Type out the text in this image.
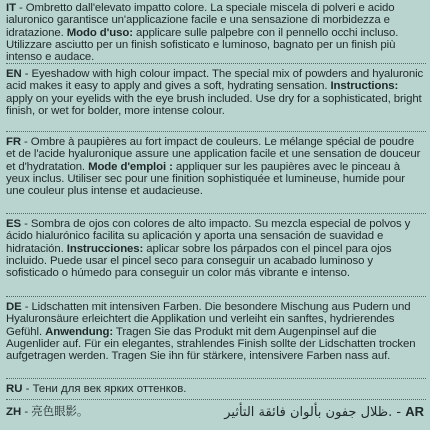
IT - Ombretto dall'elevato impatto colore. La speciale miscela di polveri e acido ialuronico garantisce un'applicazione facile e una sensazione di morbidezza e idratazione. Modo d'uso: applicare sulle palpebre con il pennello occhi incluso. Utilizzare asciutto per un finish sofisticato e luminoso, bagnato per un finish più intenso e audace.
EN - Eyeshadow with high colour impact. The special mix of powders and hyaluronic acid makes it easy to apply and gives a soft, hydrating sensation. Instructions: apply on your eyelids with the eye brush included. Use dry for a sophisticated, bright finish, or wet for bolder, more intense colour.
FR - Ombre à paupières au fort impact de couleurs. Le mélange spécial de poudre et de l'acide hyaluronique assure une application facile et une sensation de douceur et d'hydratation. Mode d'emploi : appliquer sur les paupières avec le pinceau à yeux inclus. Utiliser sec pour une finition sophistiquée et lumineuse, humide pour une couleur plus intense et audacieuse.
ES - Sombra de ojos con colores de alto impacto. Su mezcla especial de polvos y ácido hialurónico facilita su aplicación y aporta una sensación de suavidad e hidratación. Instrucciones: aplicar sobre los párpados con el pincel para ojos incluido. Puede usar el pincel seco para conseguir un acabado luminoso y sofisticado o húmedo para conseguir un color más vibrante e intenso.
DE - Lidschatten mit intensiven Farben. Die besondere Mischung aus Pudern und Hyaluronsäure erleichtert die Applikation und verleiht ein sanftes, hydrierendes Gefühl. Anwendung: Tragen Sie das Produkt mit dem Augenpinsel auf die Augenlider auf. Für ein elegantes, strahlendes Finish sollte der Lidschatten trocken aufgetragen werden. Tragen Sie ihn für stärkere, intensivere Farben nass auf.
RU - Тени для век ярких оттенков.
ZH - 亮色眼影。	ظلال جفون بألوان فائقة التأثير. - AR
